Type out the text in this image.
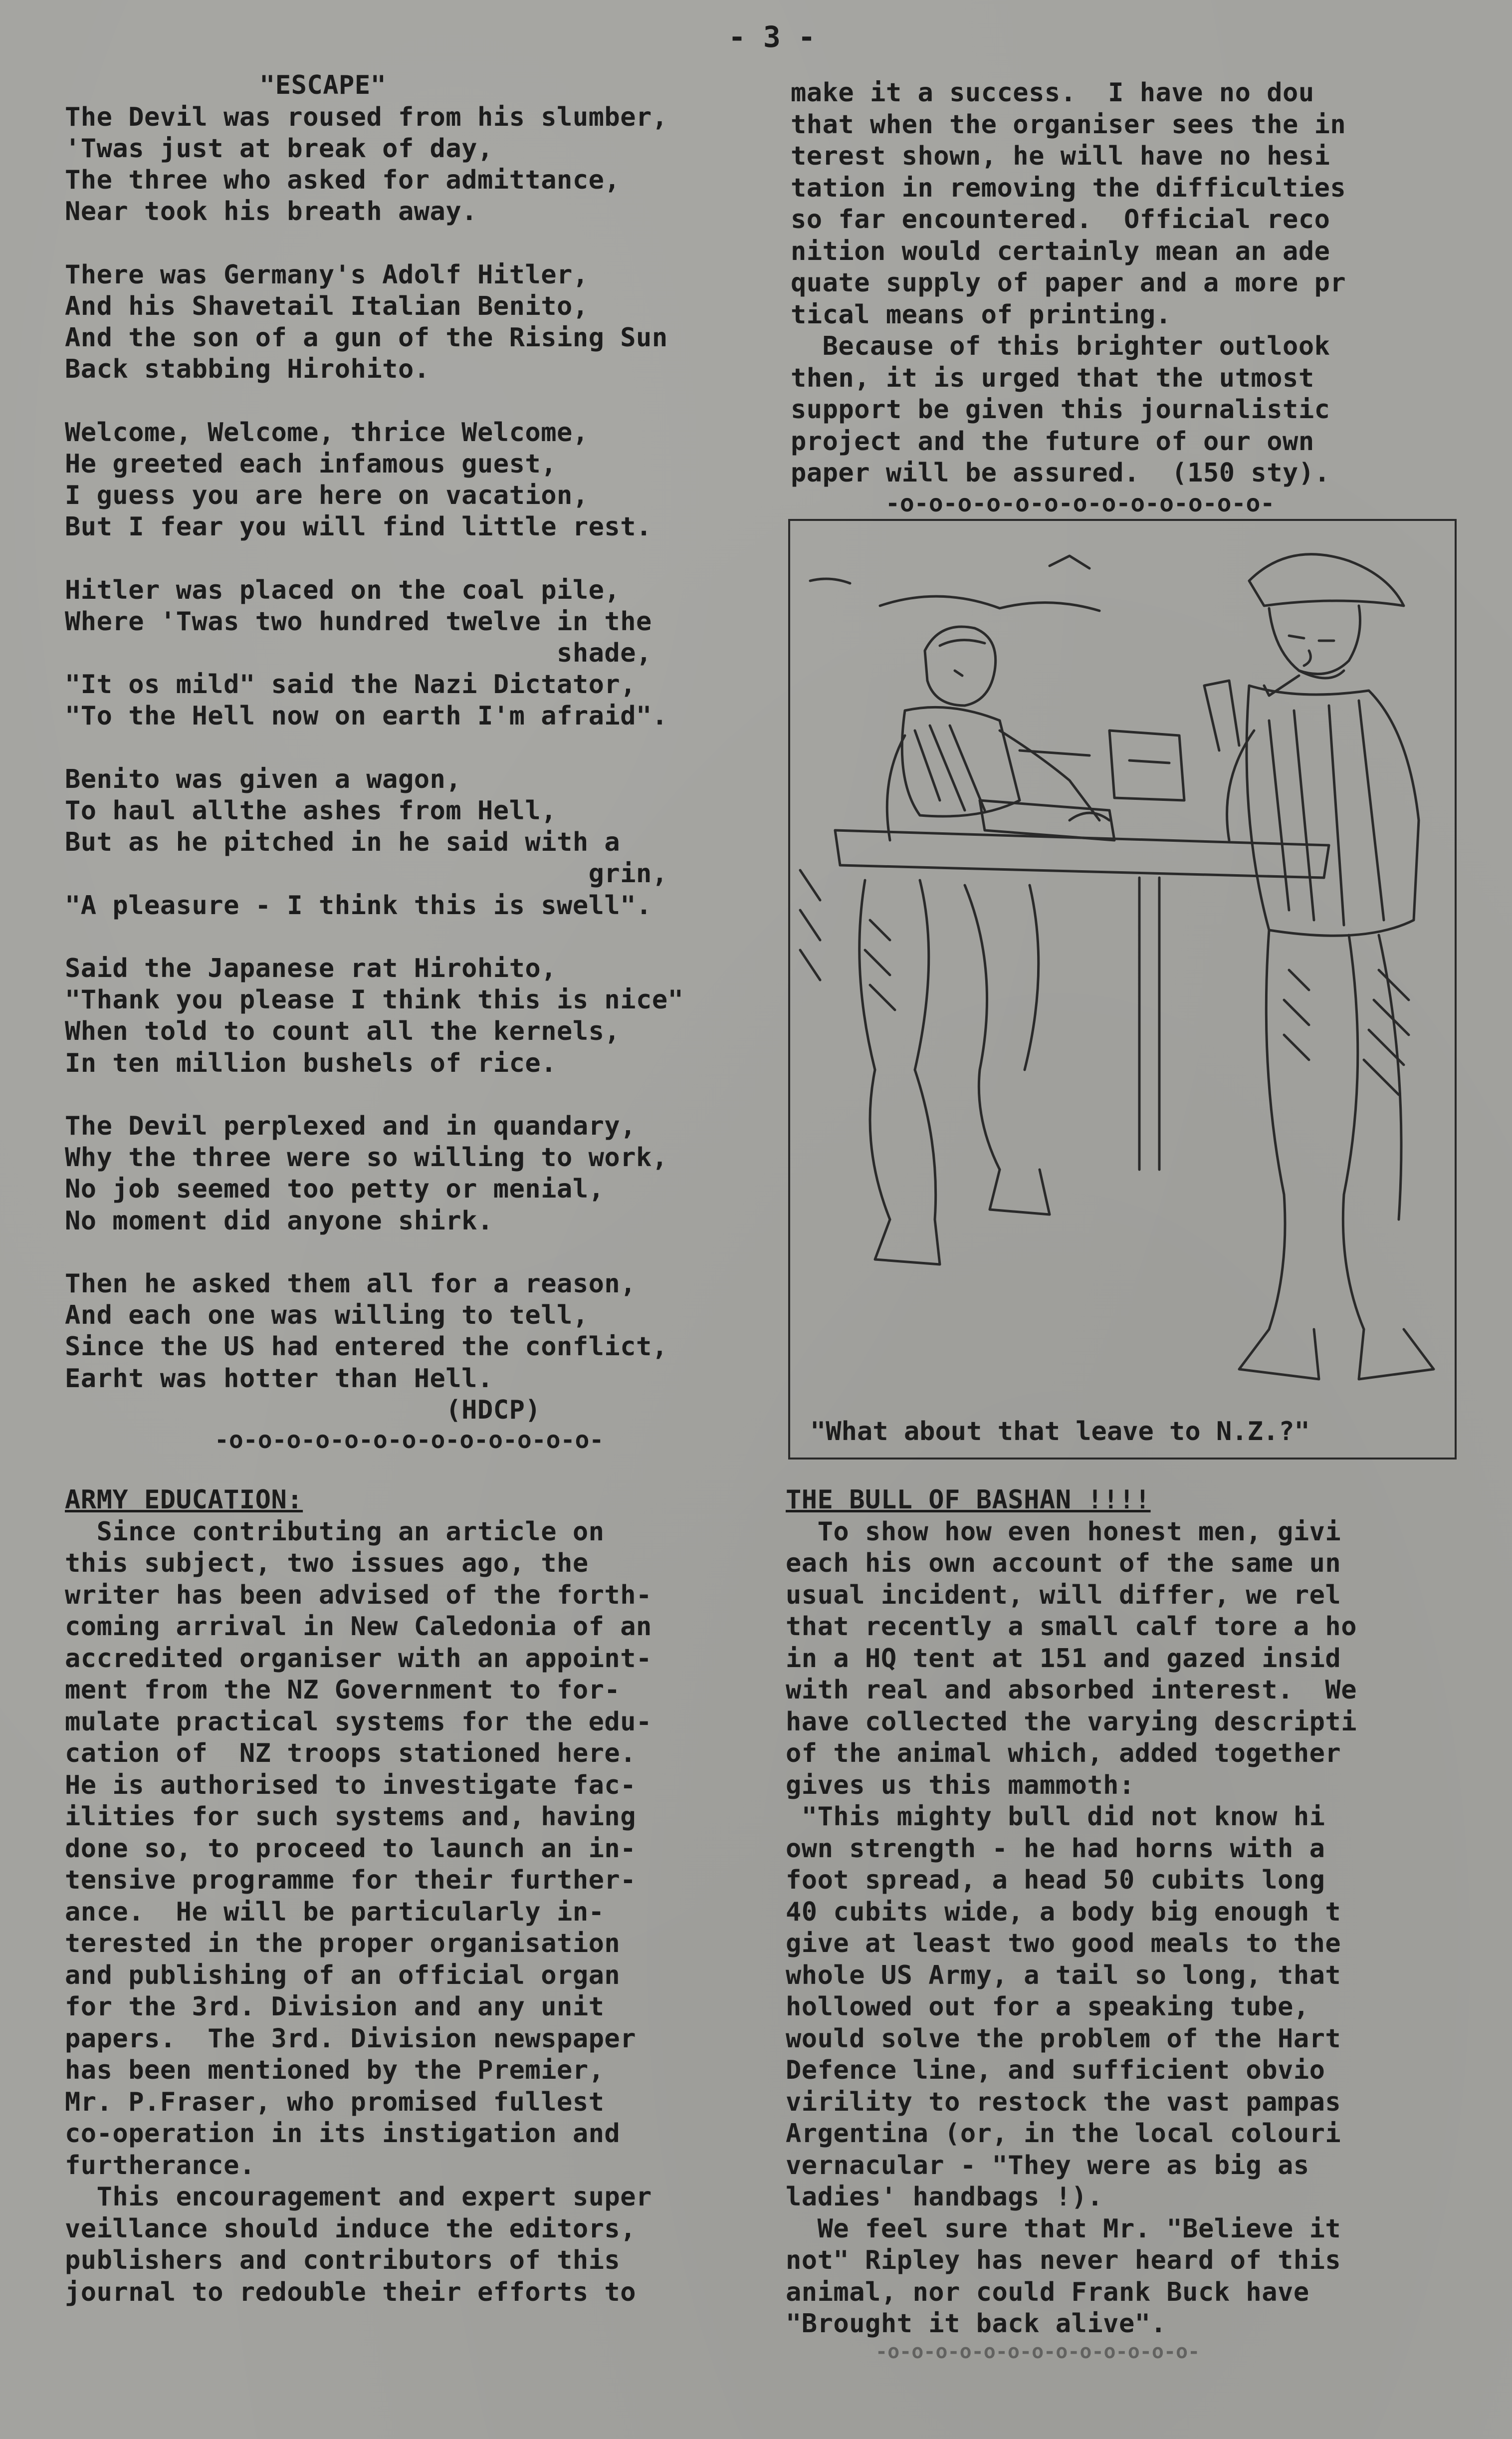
- 3 -
"ESCAPE"
The Devil was roused from his slumber,
'Twas just at break of day,
The three who asked for admittance,
Near took his breath away.
There was Germany's Adolf Hitler,
And his Shavetail Italian Benito,
And the son of a gun of the Rising Sun
Back stabbing Hirohito.
Welcome, Welcome, thrice Welcome,
He greeted each infamous guest,
I guess you are here on vacation,
But I fear you will find little rest.
Hitler was placed on the coal pile,
Where 'Twas two hundred twelve in the
shade,
"It os mild" said the Nazi Dictator,
"To the Hell now on earth I'm afraid".
Benito was given a wagon,
To haul allthe ashes from Hell,
But as he pitched in he said with a
grin,
"A pleasure - I think this is swell".
Said the Japanese rat Hirohito,
"Thank you please I think this is nice"
When told to count all the kernels,
In ten million bushels of rice.
The Devil perplexed and in quandary,
Why the three were so willing to work,
No job seemed too petty or menial,
No moment did anyone shirk.
Then he asked them all for a reason,
And each one was willing to tell,
Since the US had entered the conflict,
Earht was hotter than Hell.
(HDCP)
-o-o-o-o-o-o-o-o-o-o-o-o-o-
make it a success.  I have no dou
that when the organiser sees the in
terest shown, he will have no hesi
tation in removing the difficulties
so far encountered.  Official reco
nition would certainly mean an ade
quate supply of paper and a more pr
tical means of printing.
Because of this brighter outlook
then, it is urged that the utmost
support be given this journalistic
project and the future of our own
paper will be assured.  (150 sty).
-o-o-o-o-o-o-o-o-o-o-o-o-o-
"What about that leave to N.Z.?"
ARMY EDUCATION:
Since contributing an article on
this subject, two issues ago, the
writer has been advised of the forth-
coming arrival in New Caledonia of an
accredited organiser with an appoint-
ment from the NZ Government to for-
mulate practical systems for the edu-
cation of  NZ troops stationed here.
He is authorised to investigate fac-
ilities for such systems and, having
done so, to proceed to launch an in-
tensive programme for their further-
ance.  He will be particularly in-
terested in the proper organisation
and publishing of an official organ
for the 3rd. Division and any unit
papers.  The 3rd. Division newspaper
has been mentioned by the Premier,
Mr. P.Fraser, who promised fullest
co-operation in its instigation and
furtherance.
This encouragement and expert super
veillance should induce the editors,
publishers and contributors of this
journal to redouble their efforts to
THE BULL OF BASHAN !!!!
To show how even honest men, givi
each his own account of the same un
usual incident, will differ, we rel
that recently a small calf tore a ho
in a HQ tent at 151 and gazed insid
with real and absorbed interest.  We
have collected the varying descripti
of the animal which, added together
gives us this mammoth:
"This mighty bull did not know hi
own strength - he had horns with a
foot spread, a head 50 cubits long
40 cubits wide, a body big enough t
give at least two good meals to the
whole US Army, a tail so long, that
hollowed out for a speaking tube,
would solve the problem of the Hart
Defence line, and sufficient obvio
virility to restock the vast pampas
Argentina (or, in the local colouri
vernacular - "They were as big as
ladies' handbags !).
We feel sure that Mr. "Believe it
not" Ripley has never heard of this
animal, nor could Frank Buck have
"Brought it back alive".
-o-o-o-o-o-o-o-o-o-o-o-o-o-
